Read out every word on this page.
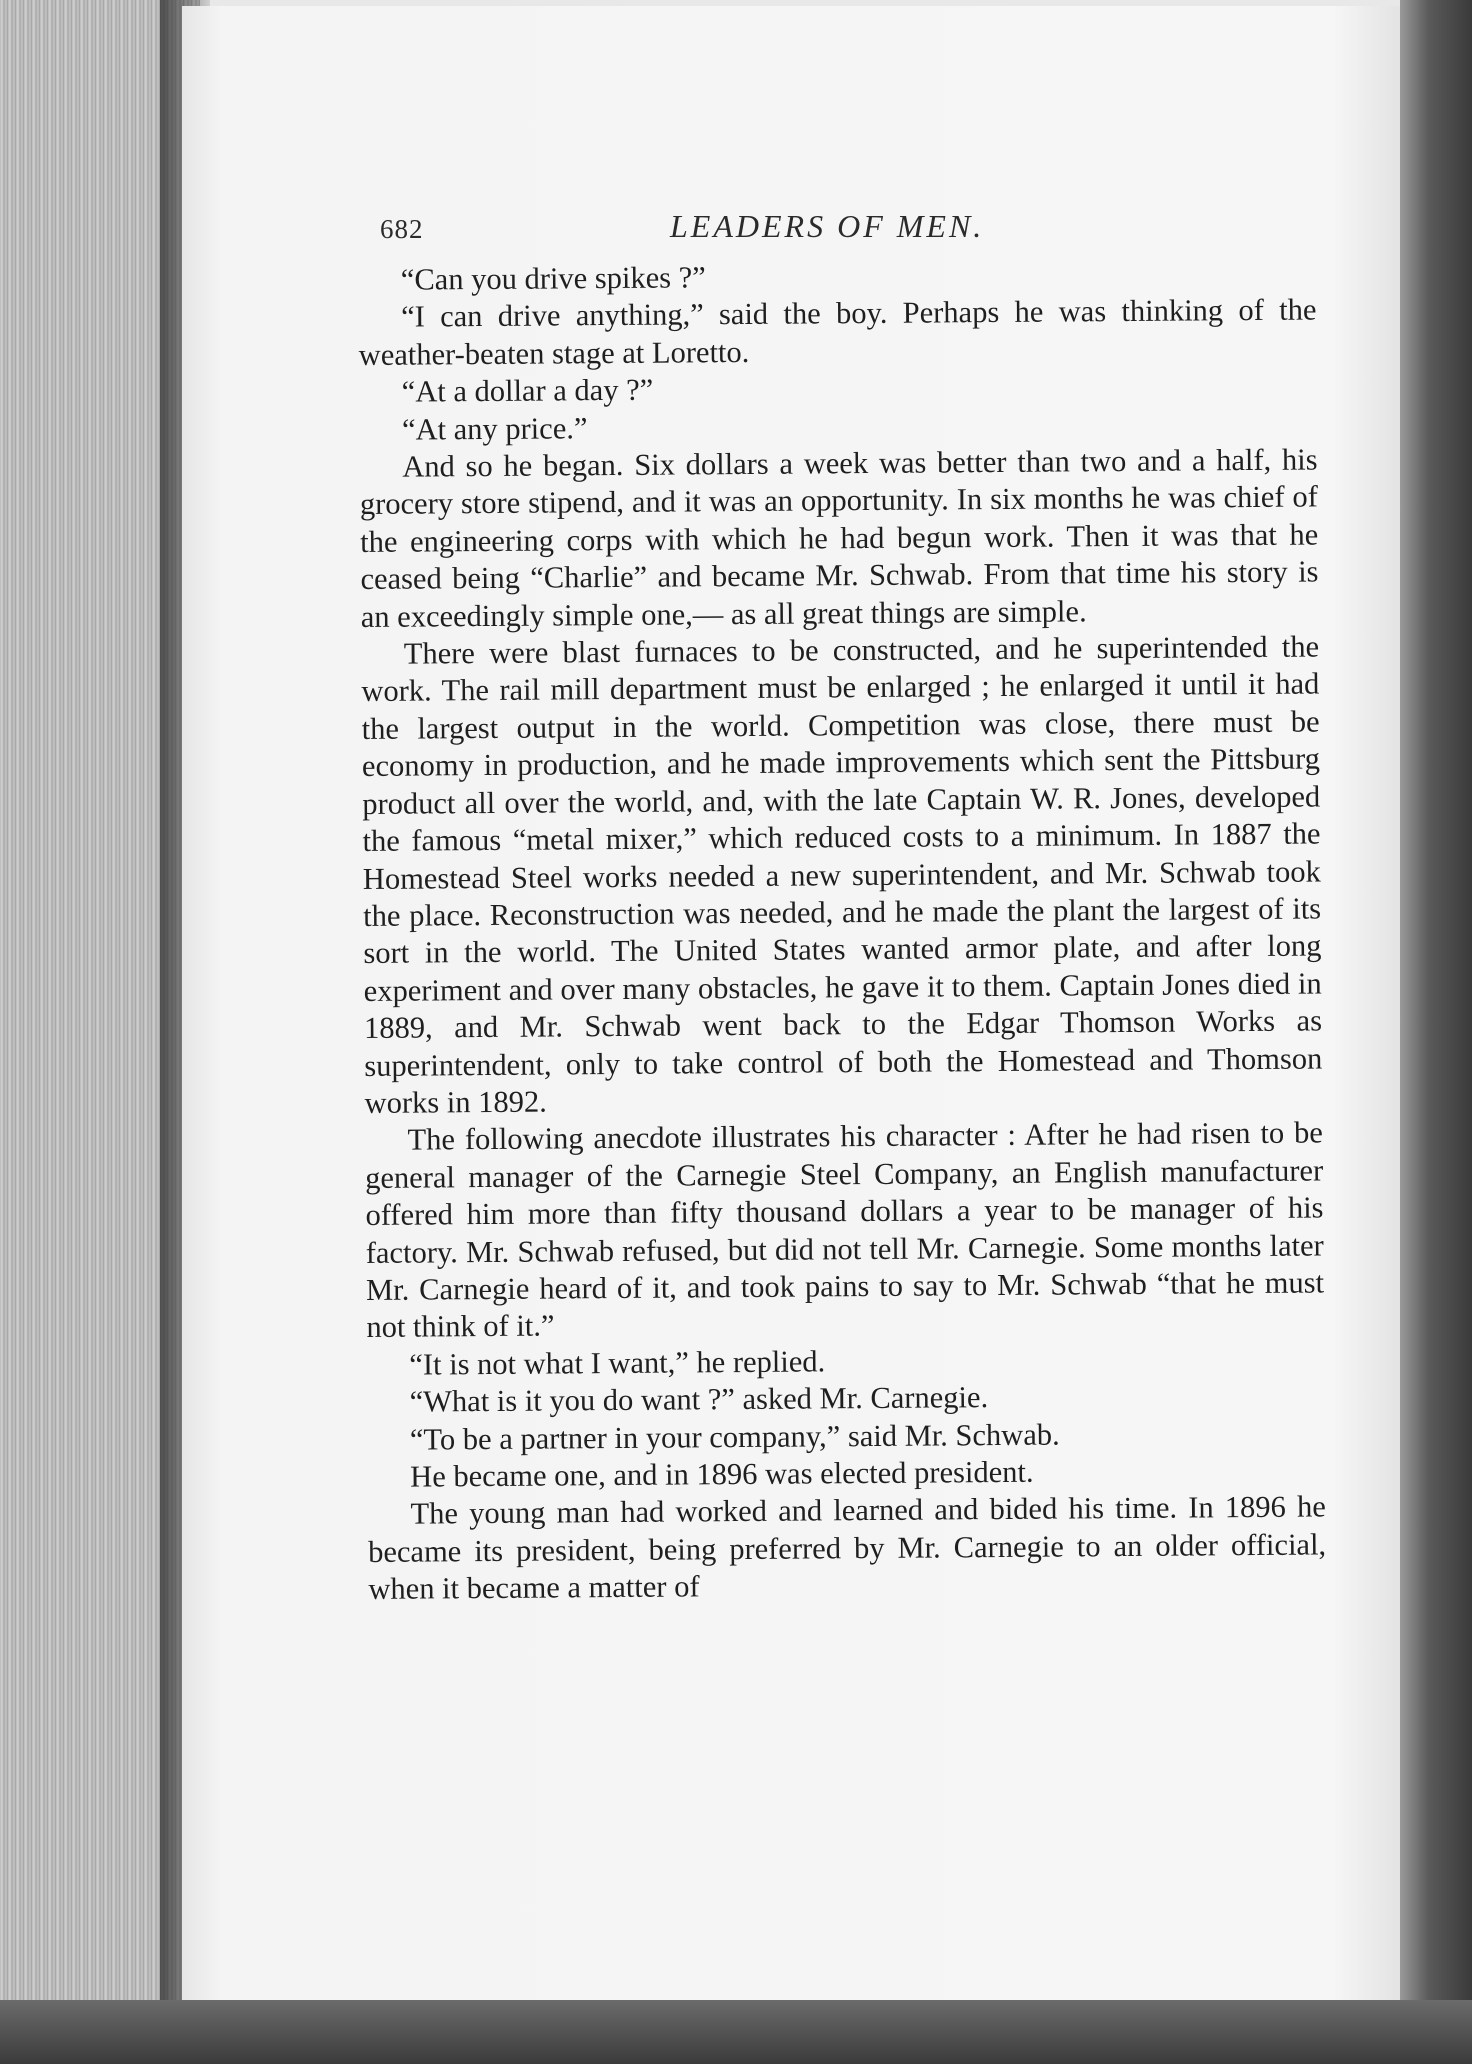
682	LEADERS OF MEN.

“Can you drive spikes ?”

“I can drive anything,” said the boy. Perhaps he was thinking of the weather-beaten stage at Loretto.

“At a dollar a day ?”

“At any price.”

And so he began. Six dollars a week was better than two and a half, his grocery store stipend, and it was an opportunity. In six months he was chief of the engineering corps with which he had begun work. Then it was that he ceased being “Charlie” and became Mr. Schwab. From that time his story is an exceedingly simple one,— as all great things are simple.

There were blast furnaces to be constructed, and he superintended the work. The rail mill department must be enlarged ; he enlarged it until it had the largest output in the world. Competition was close, there must be economy in production, and he made improvements which sent the Pittsburg product all over the world, and, with the late Captain W. R. Jones, developed the famous “metal mixer,” which reduced costs to a minimum. In 1887 the Homestead Steel works needed a new superintendent, and Mr. Schwab took the place. Reconstruction was needed, and he made the plant the largest of its sort in the world. The United States wanted armor plate, and after long experiment and over many obstacles, he gave it to them. Captain Jones died in 1889, and Mr. Schwab went back to the Edgar Thomson Works as superintendent, only to take control of both the Homestead and Thomson works in 1892.

The following anecdote illustrates his character : After he had risen to be general manager of the Carnegie Steel Company, an English manufacturer offered him more than fifty thousand dollars a year to be manager of his factory. Mr. Schwab refused, but did not tell Mr. Carnegie. Some months later Mr. Carnegie heard of it, and took pains to say to Mr. Schwab “that he must not think of it.”

“It is not what I want,” he replied.

“What is it you do want ?” asked Mr. Carnegie.

“To be a partner in your company,” said Mr. Schwab.

He became one, and in 1896 was elected president.

The young man had worked and learned and bided his time. In 1896 he became its president, being preferred by Mr. Carnegie to an older official, when it became a matter of
